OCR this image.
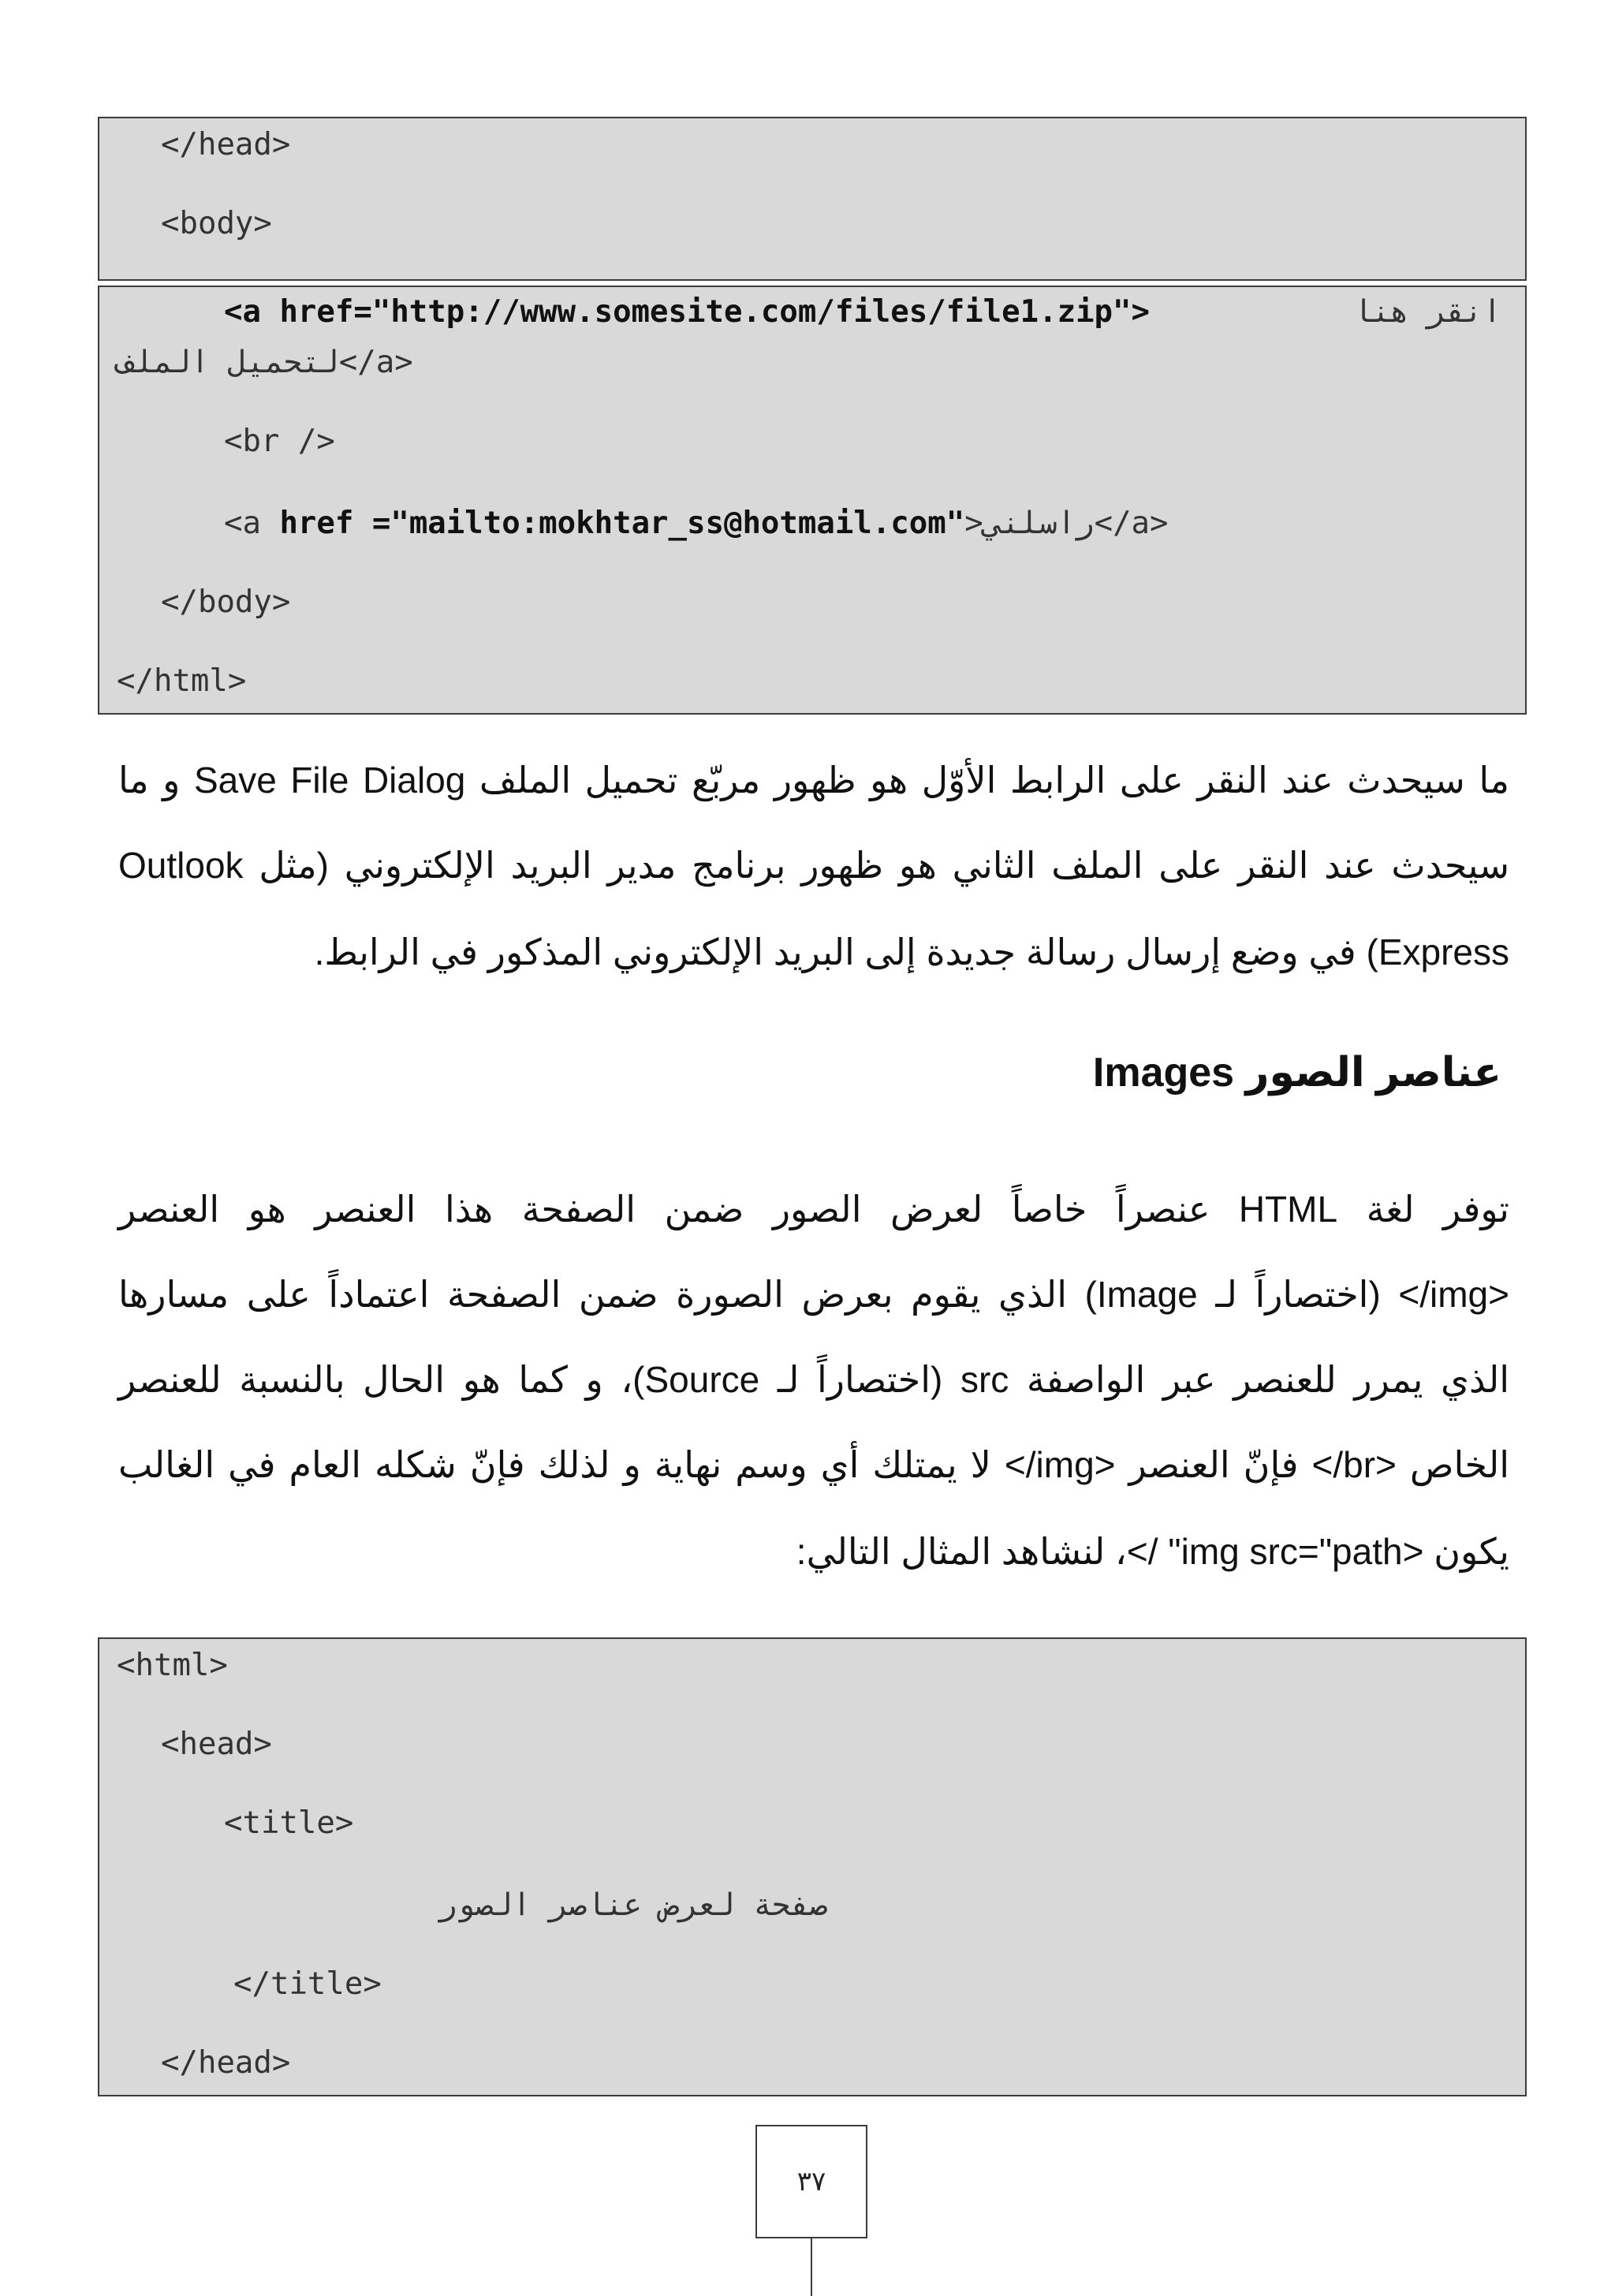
</head>
<body>
<a href="http://www.somesite.com/files/file1.zip">	انقر هنا
لتحميل الملف</a>
<br />
<a href ="mailto:mokhtar_ss@hotmail.com">راسلني</a>
</body>
</html>
ما سيحدث عند النقر على الرابط الأوّل هو ظهور مربّع تحميل الملف Save File Dialog و ما
سيحدث عند النقر على الملف الثاني هو ظهور برنامج مدير البريد الإلكتروني (مثل Outlook
Express) في وضع إرسال رسالة جديدة إلى البريد الإلكتروني المذكور في الرابط.
عناصر الصور Images
توفر لغة HTML عنصراً خاصاً لعرض الصور ضمن الصفحة هذا العنصر هو العنصر
<img/> (اختصاراً لـ Image) الذي يقوم بعرض الصورة ضمن الصفحة اعتماداً على مسارها
الذي يمرر للعنصر عبر الواصفة src (اختصاراً لـ Source)، و كما هو الحال بالنسبة للعنصر
الخاص <br/> فإنّ العنصر <img/> لا يمتلك أي وسم نهاية و لذلك فإنّ شكله العام في الغالب
يكون <img src="path" />، لنشاهد المثال التالي:
<html>
<head>
<title>
صفحة لعرض عناصر الصور
</title>
</head>
٣٧
